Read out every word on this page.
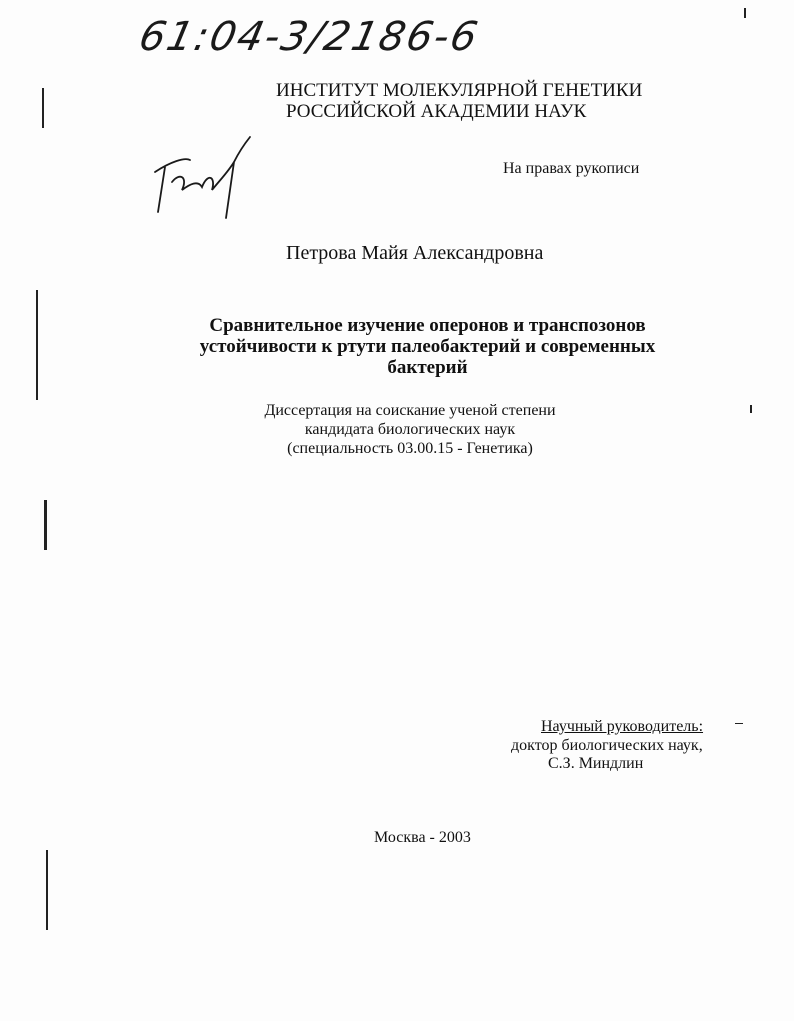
61:04-3/2186-6
ИНСТИТУТ МОЛЕКУЛЯРНОЙ ГЕНЕТИКИ
РОССИЙСКОЙ АКАДЕМИИ НАУК
На правах рукописи
Петрова Майя Александровна
Сравнительное изучение оперонов и транспозонов
устойчивости к ртути палеобактерий и современных
бактерий
Диссертация на соискание ученой степени
кандидата биологических наук
(специальность 03.00.15 - Генетика)
Научный руководитель:
доктор биологических наук,
С.З. Миндлин
Москва - 2003
